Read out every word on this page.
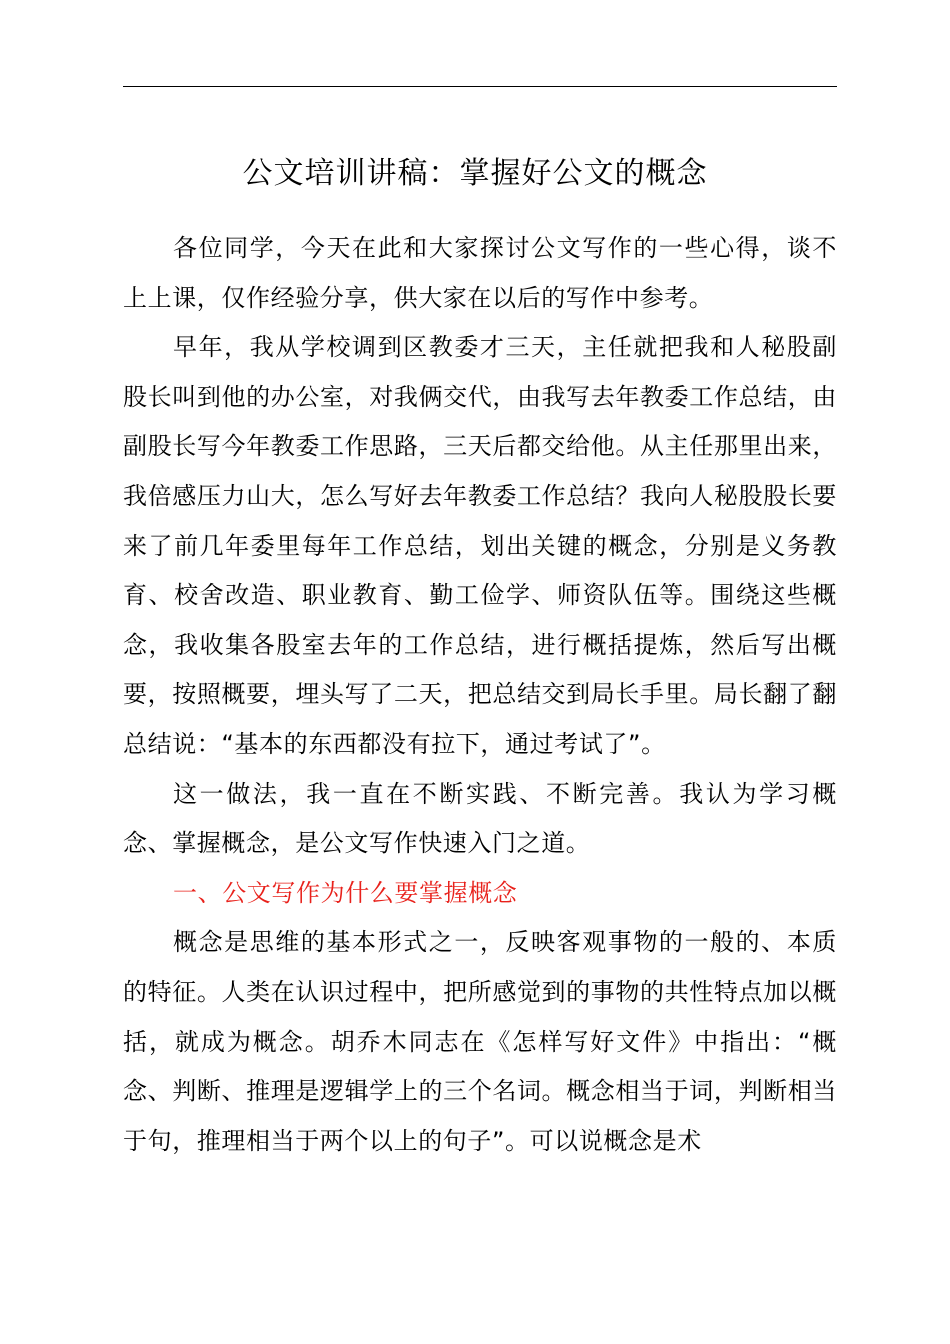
公文培训讲稿：掌握好公文的概念

各位同学，今天在此和大家探讨公文写作的一些心得，谈不上上课，仅作经验分享，供大家在以后的写作中参考。

早年，我从学校调到区教委才三天，主任就把我和人秘股副股长叫到他的办公室，对我俩交代，由我写去年教委工作总结，由副股长写今年教委工作思路，三天后都交给他。从主任那里出来，我倍感压力山大，怎么写好去年教委工作总结？我向人秘股股长要来了前几年委里每年工作总结，划出关键的概念，分别是义务教育、校舍改造、职业教育、勤工俭学、师资队伍等。围绕这些概念，我收集各股室去年的工作总结，进行概括提炼，然后写出概要，按照概要，埋头写了二天，把总结交到局长手里。局长翻了翻总结说：“基本的东西都没有拉下，通过考试了”。

这一做法，我一直在不断实践、不断完善。我认为学习概念、掌握概念，是公文写作快速入门之道。

一、公文写作为什么要掌握概念

概念是思维的基本形式之一，反映客观事物的一般的、本质的特征。人类在认识过程中，把所感觉到的事物的共性特点加以概括，就成为概念。胡乔木同志在《怎样写好文件》中指出：“概念、判断、推理是逻辑学上的三个名词。概念相当于词，判断相当于句，推理相当于两个以上的句子”。可以说概念是术
